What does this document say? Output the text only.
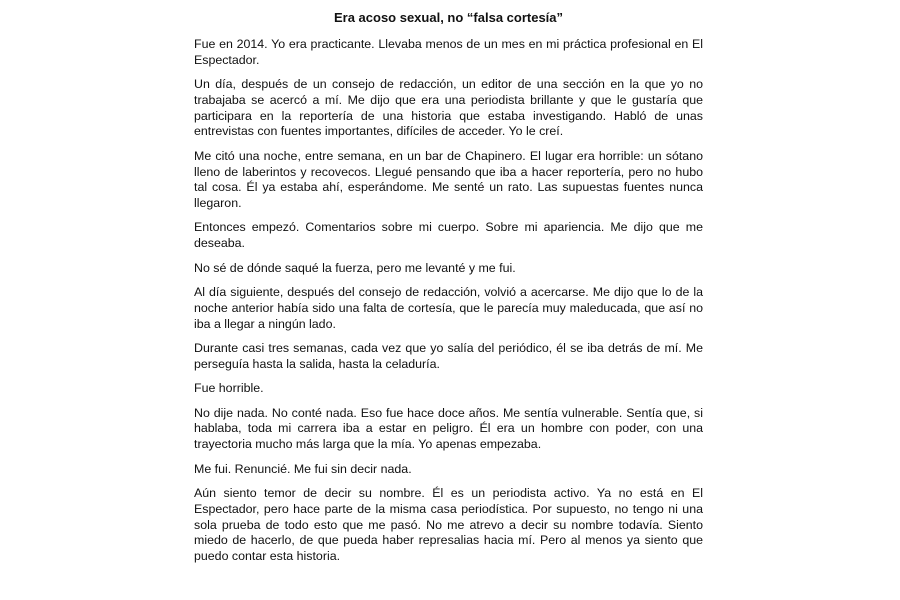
Era acoso sexual, no “falsa cortesía”

Fue en 2014. Yo era practicante. Llevaba menos de un mes en mi práctica profesional en El Espectador.

Un día, después de un consejo de redacción, un editor de una sección en la que yo no trabajaba se acercó a mí. Me dijo que era una periodista brillante y que le gustaría que participara en la reportería de una historia que estaba investigando. Habló de unas entrevistas con fuentes importantes, difíciles de acceder. Yo le creí.

Me citó una noche, entre semana, en un bar de Chapinero. El lugar era horrible: un sótano lleno de laberintos y recovecos. Llegué pensando que iba a hacer reportería, pero no hubo tal cosa. Él ya estaba ahí, esperándome. Me senté un rato. Las supuestas fuentes nunca llegaron.

Entonces empezó. Comentarios sobre mi cuerpo. Sobre mi apariencia. Me dijo que me deseaba.

No sé de dónde saqué la fuerza, pero me levanté y me fui.

Al día siguiente, después del consejo de redacción, volvió a acercarse. Me dijo que lo de la noche anterior había sido una falta de cortesía, que le parecía muy maleducada, que así no iba a llegar a ningún lado.

Durante casi tres semanas, cada vez que yo salía del periódico, él se iba detrás de mí. Me perseguía hasta la salida, hasta la celaduría.

Fue horrible.

No dije nada. No conté nada. Eso fue hace doce años. Me sentía vulnerable. Sentía que, si hablaba, toda mi carrera iba a estar en peligro. Él era un hombre con poder, con una trayectoria mucho más larga que la mía. Yo apenas empezaba.

Me fui. Renuncié. Me fui sin decir nada.

Aún siento temor de decir su nombre. Él es un periodista activo. Ya no está en El Espectador, pero hace parte de la misma casa periodística. Por supuesto, no tengo ni una sola prueba de todo esto que me pasó. No me atrevo a decir su nombre todavía. Siento miedo de hacerlo, de que pueda haber represalias hacia mí. Pero al menos ya siento que puedo contar esta historia.
